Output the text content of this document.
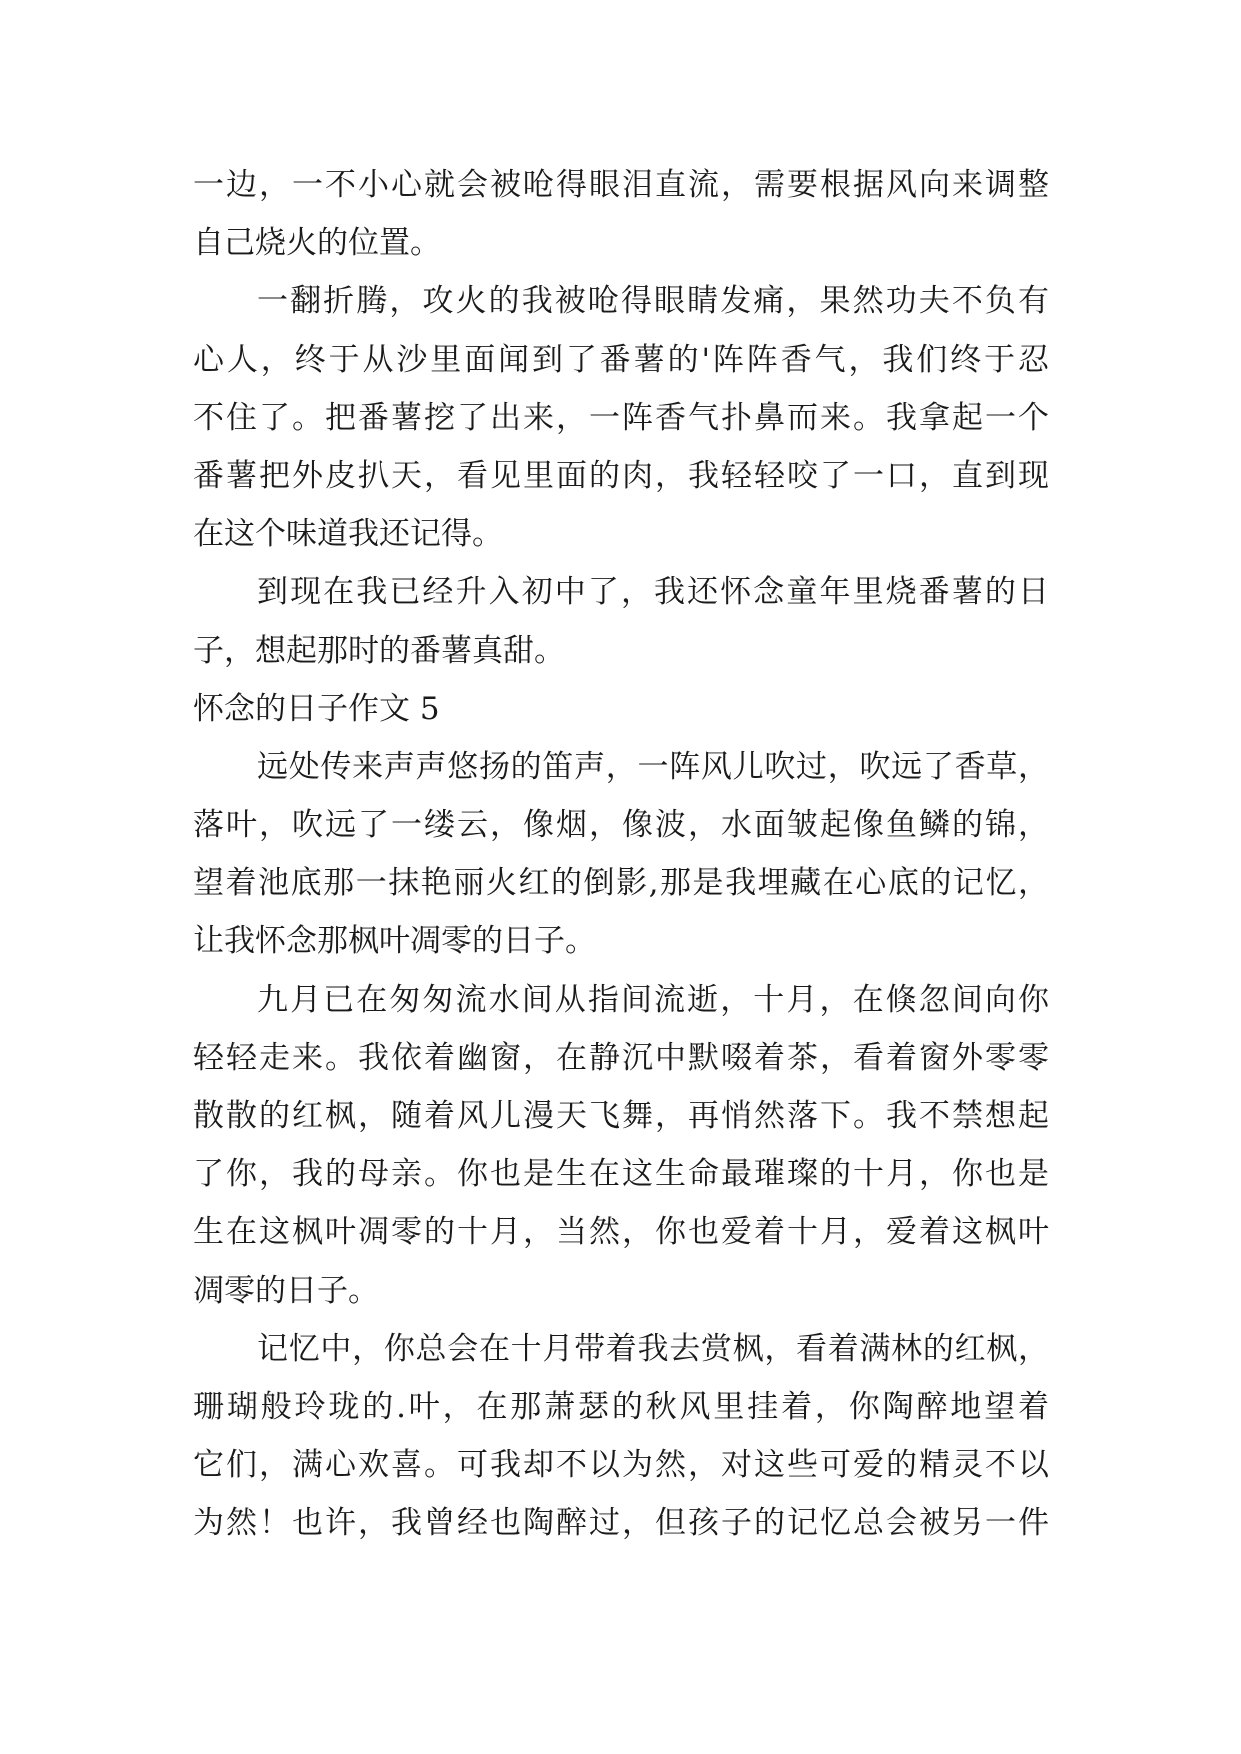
一边，一不小心就会被呛得眼泪直流，需要根据风向来调整
自己烧火的位置。
一翻折腾，攻火的我被呛得眼睛发痛，果然功夫不负有
心人，终于从沙里面闻到了番薯的'阵阵香气，我们终于忍
不住了。把番薯挖了出来，一阵香气扑鼻而来。我拿起一个
番薯把外皮扒天，看见里面的肉，我轻轻咬了一口，直到现
在这个味道我还记得。
到现在我已经升入初中了，我还怀念童年里烧番薯的日
子，想起那时的番薯真甜。
怀念的日子作文 5
远处传来声声悠扬的笛声，一阵风儿吹过，吹远了香草，
落叶，吹远了一缕云，像烟，像波，水面皱起像鱼鳞的锦，
望着池底那一抹艳丽火红的倒影,那是我埋藏在心底的记忆，
让我怀念那枫叶凋零的日子。
九月已在匆匆流水间从指间流逝，十月，在倏忽间向你
轻轻走来。我依着幽窗，在静沉中默啜着茶，看着窗外零零
散散的红枫，随着风儿漫天飞舞，再悄然落下。我不禁想起
了你，我的母亲。你也是生在这生命最璀璨的十月，你也是
生在这枫叶凋零的十月，当然，你也爱着十月，爱着这枫叶
凋零的日子。
记忆中，你总会在十月带着我去赏枫，看着满林的红枫，
珊瑚般玲珑的.叶，在那萧瑟的秋风里挂着，你陶醉地望着
它们，满心欢喜。可我却不以为然，对这些可爱的精灵不以
为然！也许，我曾经也陶醉过，但孩子的记忆总会被另一件
